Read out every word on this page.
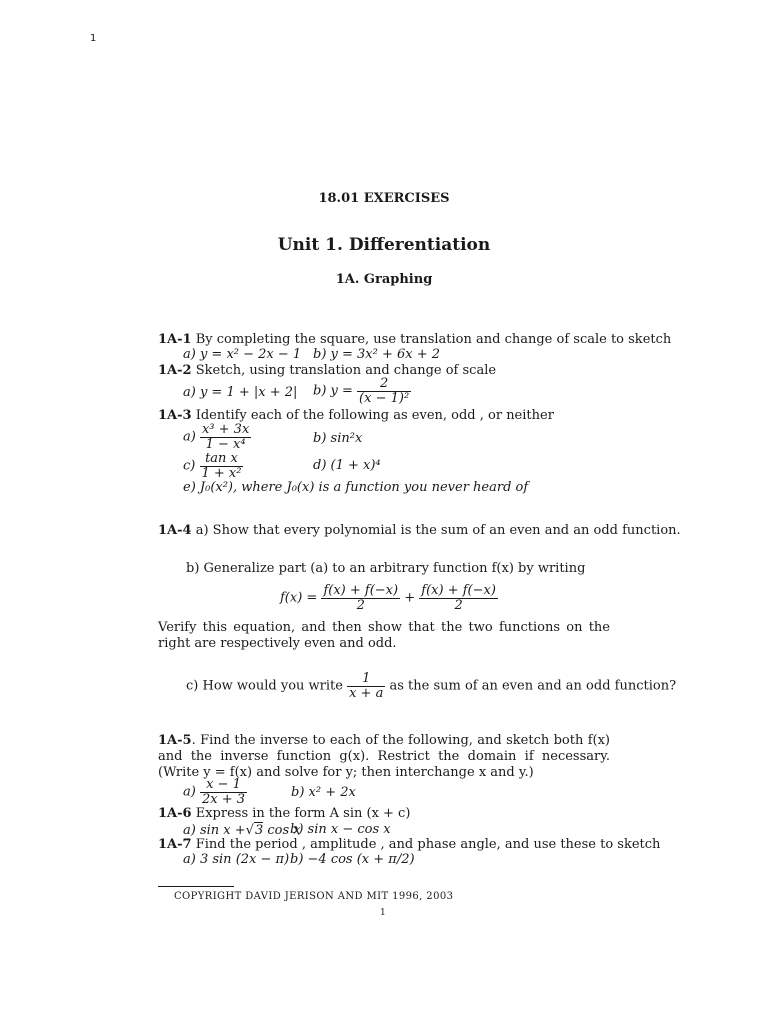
1
18.01 EXERCISES
Unit 1. Differentiation
1A. Graphing
1A-1 By completing the square, use translation and change of scale to sketch
a) y = x² − 2x − 1 b) y = 3x² + 6x + 2
1A-2 Sketch, using translation and change of scale
a) y = 1 + |x + 2| b) $y = \frac{2}{\text{(x − 1)²}}$
1A-3 Identify each of the following as even, odd , or neither
$a) \frac{\text{x³ + 3x}}{\text{1 − x⁴}}$	b) sin²x
$c) \frac{\text{tan x}}{\text{1 + x²}}$	d) (1 + x)⁴
e) J₀(x²), where J₀(x) is a function you never heard of
1A-4 a) Show that every polynomial is the sum of an even and an odd function.
b) Generalize part (a) to an arbitrary function f(x) by writing
$f(x) = \frac{f(x) + f(-x)}{2} + \frac{f(x) + f(-x)}{2}$
Verify this equation, and then show that the two functions on the right are respectively even and odd.
c) How would you write $\frac{1}{x + a}$ as the sum of an even and an odd function?
1A-5. Find the inverse to each of the following, and sketch both f(x) and the inverse function g(x). Restrict the domain if necessary. (Write y = f(x) and solve for y; then interchange x and y.)
$a) \frac{x - 1}{2x + 3}$	b) x² + 2x
1A-6 Express in the form A sin (x + c)
a) sin x +√3 cos x
b) sin x − cos x
1A-7 Find the period , amplitude , and phase angle, and use these to sketch
a) 3 sin (2x − π) b) −4 cos (x + π/2)
COPYRIGHT DAVID JERISON AND MIT 1996, 2003
1
